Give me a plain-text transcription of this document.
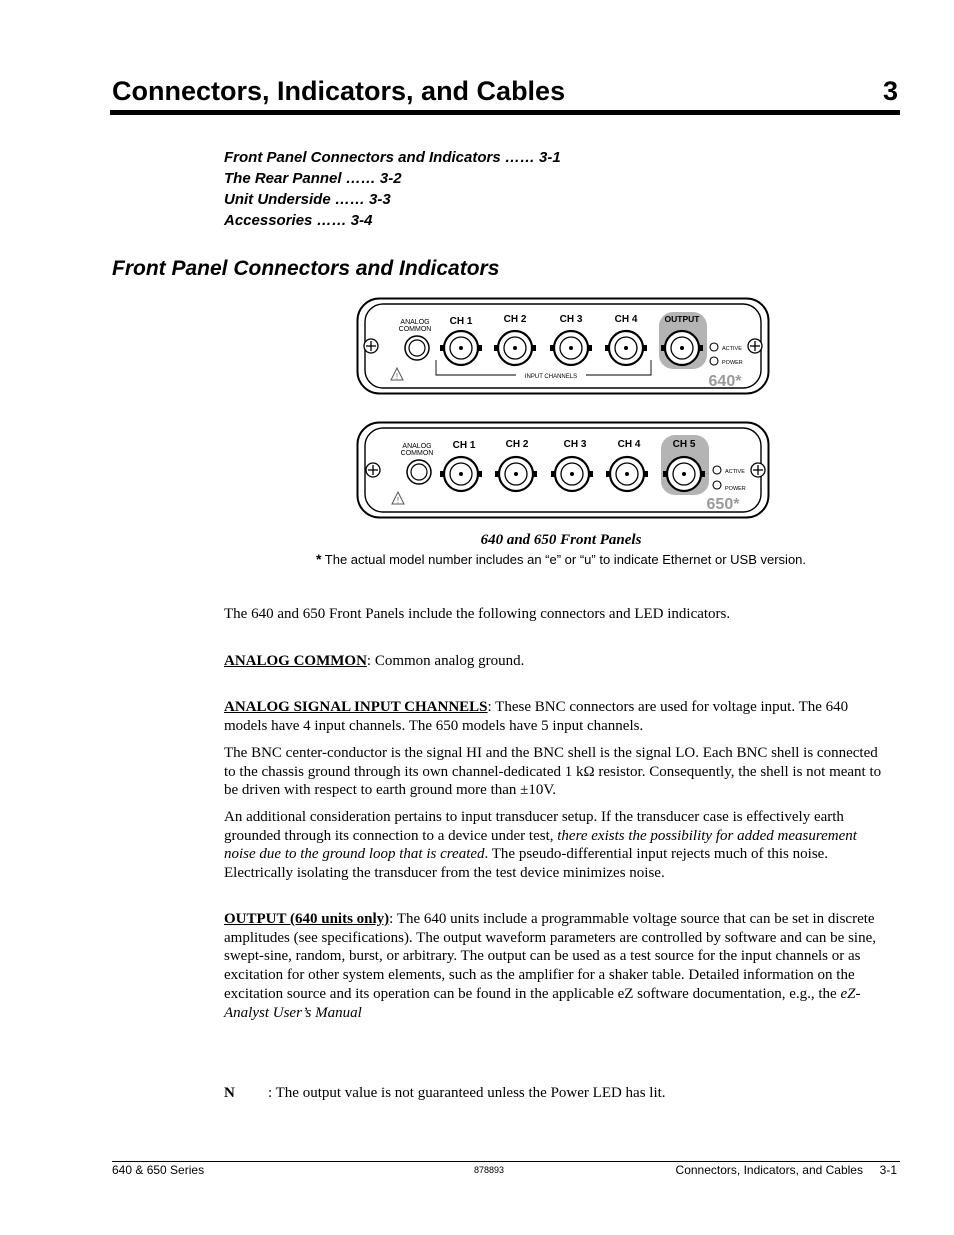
Connectors, Indicators, and Cables	3
Front Panel Connectors and Indicators …… 3-1
The Rear Pannel …… 3-2
Unit Underside …… 3-3
Accessories …… 3-4
Front Panel Connectors and Indicators
ANALOG
COMMON
CH 1	CH 2	CH 3	CH 4	OUTPUT
INPUT CHANNELS
ACTIVE
POWER
!	640*
ANALOG
COMMON
CH 1	CH 2	CH 3	CH 4	CH 5
ACTIVE
POWER
!	650*
640 and 650 Front Panels
* The actual model number includes an “e” or “u” to indicate Ethernet or USB version.
The 640 and 650 Front Panels include the following connectors and LED indicators.
ANALOG COMMON: Common analog ground.
ANALOG SIGNAL INPUT CHANNELS: These BNC connectors are used for voltage input. The 640 models have 4 input channels. The 650 models have 5 input channels.
The BNC center-conductor is the signal HI and the BNC shell is the signal LO. Each BNC shell is connected to the chassis ground through its own channel-dedicated 1 kΩ resistor. Consequently, the shell is not meant to be driven with respect to earth ground more than ±10V.
An additional consideration pertains to input transducer setup. If the transducer case is effectively earth grounded through its connection to a device under test, there exists the possibility for added measurement noise due to the ground loop that is created. The pseudo-differential input rejects much of this noise. Electrically isolating the transducer from the test device minimizes noise.
OUTPUT (640 units only): The 640 units include a programmable voltage source that can be set in discrete amplitudes (see specifications). The output waveform parameters are controlled by software and can be sine, swept-sine, random, burst, or arbitrary. The output can be used as a test source for the input channels or as excitation for other system elements, such as the amplifier for a shaker table. Detailed information on the excitation source and its operation can be found in the applicable eZ software documentation, e.g., the eZ-Analyst User’s Manual
N : The output value is not guaranteed unless the Power LED has lit.
640 & 650 Series	878893	Connectors, Indicators, and Cables     3-1
